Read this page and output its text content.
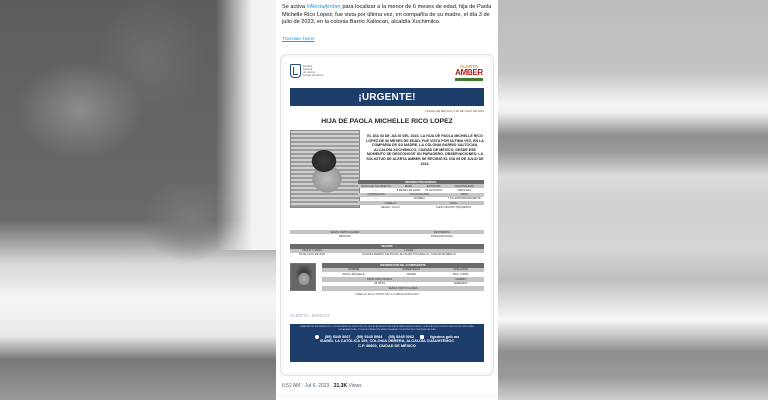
Se activa #AlertaAmber para localizar a la menor de 6 meses de edad, hija de Paola Michelle Rico López, fue vista por última vez, en compañía de su madre, el día 3 de julio de 2023, en la colonia Barrio Xaltocan, alcaldía Xochimilco.

Translate Tweet
Fiscalía
General
de Justicia
Ciudad de México
ALERTA
AMBER
¡URGENTE!
CIUDAD DE MÉXICO, A 06 DE JULIO DE 2023
HIJA DE PAOLA MICHELLE RICO LOPEZ
EL DÍA 03 DE JULIO DEL 2023, LA HIJA DE PAOLA MICHELLE RICO LÓPEZ DE 06 MESES DE EDAD, FUE VISTA POR ÚLTIMA VEZ, EN LA COMPAÑÍA DE SU MADRE, LA COLONIA BARRIO XALTOCAN, ALCALDÍA XOCHIMILCO, CIUDAD DE MÉXICO, DESDE ESE MOMENTO SE DESCONOCE SU PARADERO. OBSERVACIONES: LA SOLICITUD DE ALERTA AMBER SE RECIBIÓ EL DÍA 05 DE JULIO DE 2023.
INFORMACIÓN GENERAL			
FECHA DE NACIMIENTO	EDAD	ESTATURA	NACIONALIDAD
----	6 MESES DE EDAD	70 CM APROX	MEXICANA
COMPLEXIÓN	COLOR DE PIEL		PESO
----	MORENA		7 KG APROXIMADAMENTE
CABELLO		OJOS	
NEGRO, LACIO		CAFÉ OSCURO, PEQUEÑOS	
SEÑAS PARTICULARES	VESTIMENTA
NINGUNA	PAÑALERO ROSA
HECHOS	
FECHA Y HORA	LUGAR
03 DE JULIO DE 2023	COLONIA BARRIO XALTOCAN, ALCALDÍA XOCHIMILCO, CIUDAD DE MÉXICO
INFORMACIÓN DEL ACOMPAÑANTE		
NOMBRE	PARENTESCO	APELLIDOS
PAOLA MICHELLE	MADRE	RICO LÓPEZ
EDAD APROXIMADA		GÉNERO
18 AÑOS		FEMENINO
SEÑAS PARTICULARES		
CABELLO EN LA PARTE DE LA CABEZA RASURADO
ALERTA: 9090/23
PARA MAYOR INFORMACIÓN, COMUNICARSE AL TELÉFONO DE LA FISCALÍA ESPECIALIZADA PARA LA BÚSQUEDA, LOCALIZACIÓN E INVESTIGACIÓN DE PERSONAS DESAPARECIDAS. TODA INFORMACIÓN SERÁ TRATADA CON ESTRICTA CONFIDENCIALIDAD
(55) 5345 5067 (55) 5345 5084 (55) 5345 5062	fgjcdmx.gob.mx
ISABEL LA CATÓLICA 105, COLONIA OBRERA, ALCALDÍA CUAUHTÉMOC
C.P. 06800, CIUDAD DE MÉXICO
6:52 AM · Jul 6, 2023 · 21.3K Views
